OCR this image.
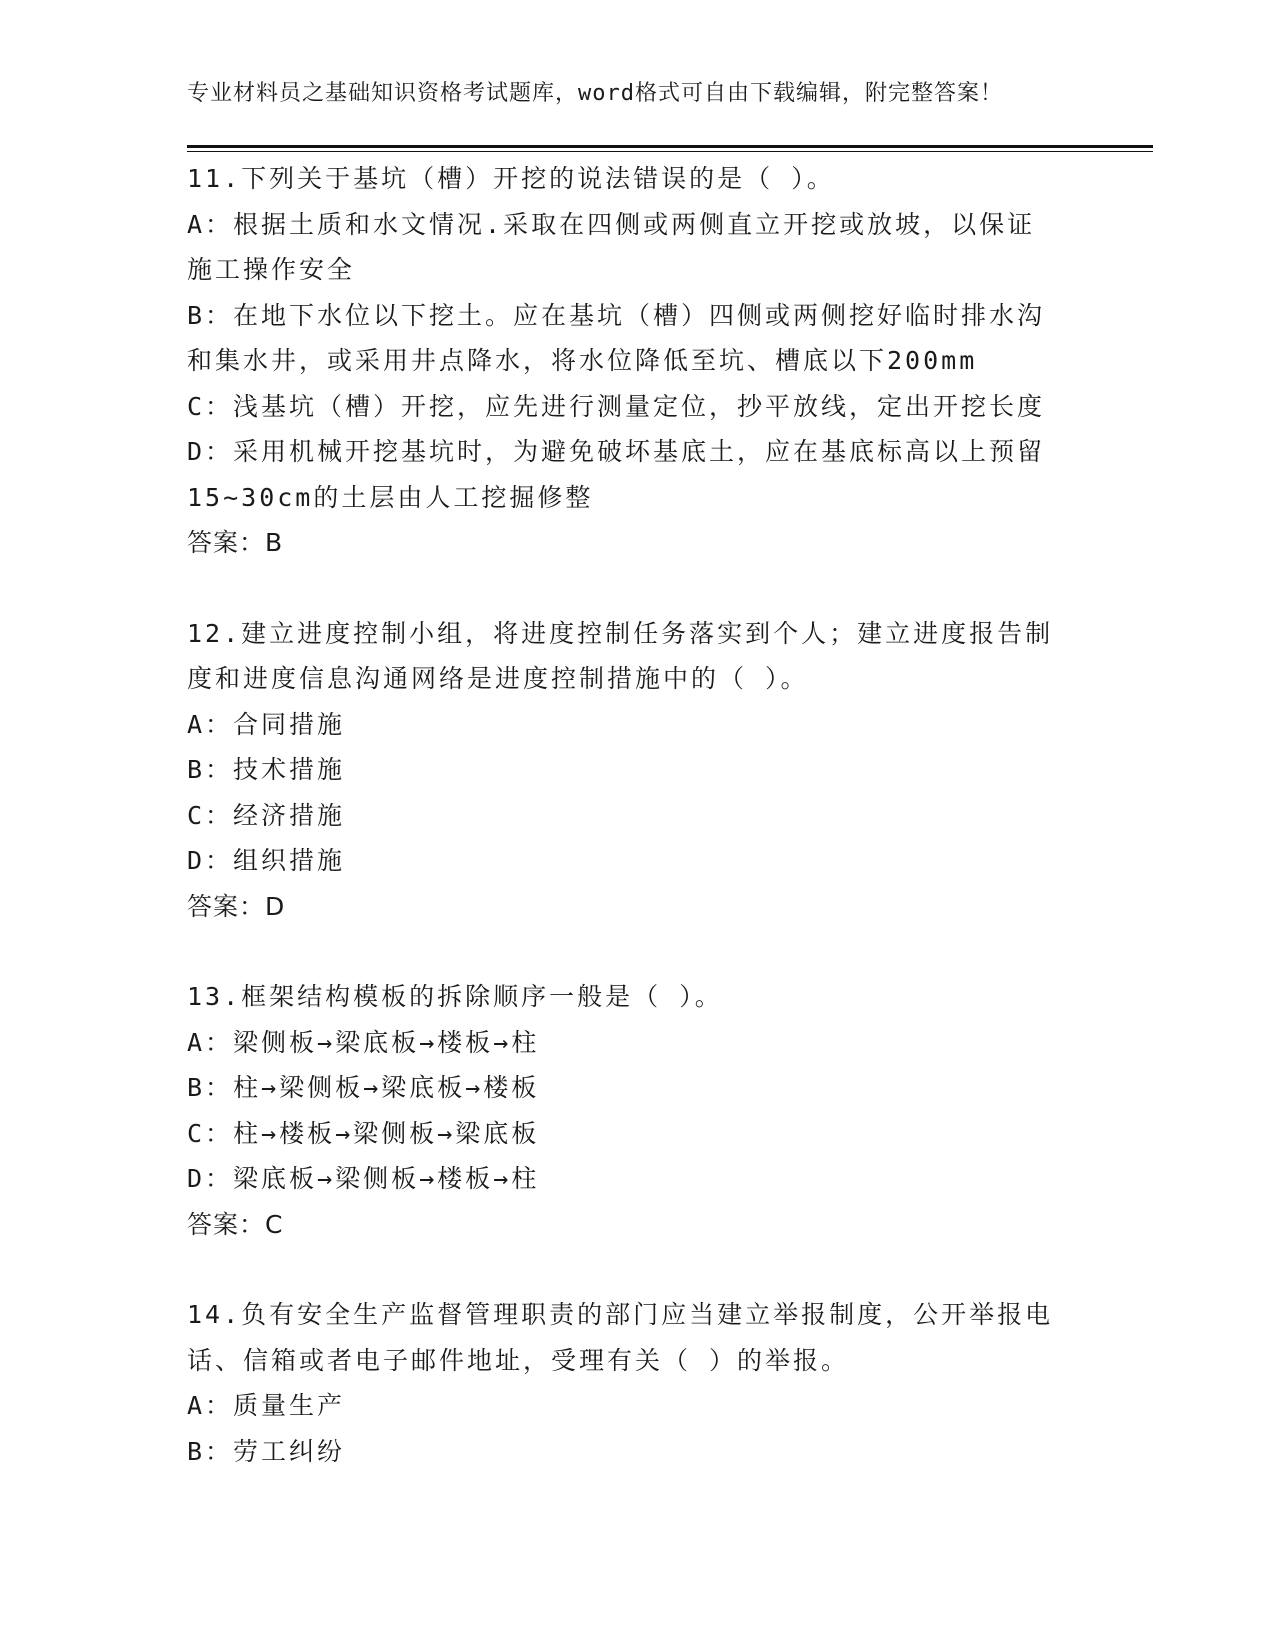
专业材料员之基础知识资格考试题库，word格式可自由下载编辑，附完整答案！
11.下列关于基坑（槽）开挖的说法错误的是（ ）。
A：根据土质和水文情况.采取在四侧或两侧直立开挖或放坡，以保证
施工操作安全
B：在地下水位以下挖土。应在基坑（槽）四侧或两侧挖好临时排水沟
和集水井，或采用井点降水，将水位降低至坑、槽底以下200mm
C：浅基坑（槽）开挖，应先进行测量定位，抄平放线，定出开挖长度
D：采用机械开挖基坑时，为避免破坏基底土，应在基底标高以上预留
15~30cm的土层由人工挖掘修整
答案：B
12.建立进度控制小组，将进度控制任务落实到个人；建立进度报告制
度和进度信息沟通网络是进度控制措施中的（ ）。
A：合同措施
B：技术措施
C：经济措施
D：组织措施
答案：D
13.框架结构模板的拆除顺序一般是（ ）。
A：梁侧板→梁底板→楼板→柱
B：柱→梁侧板→梁底板→楼板
C：柱→楼板→梁侧板→梁底板
D：梁底板→梁侧板→楼板→柱
答案：C
14.负有安全生产监督管理职责的部门应当建立举报制度，公开举报电
话、信箱或者电子邮件地址，受理有关（ ）的举报。
A：质量生产
B：劳工纠纷
